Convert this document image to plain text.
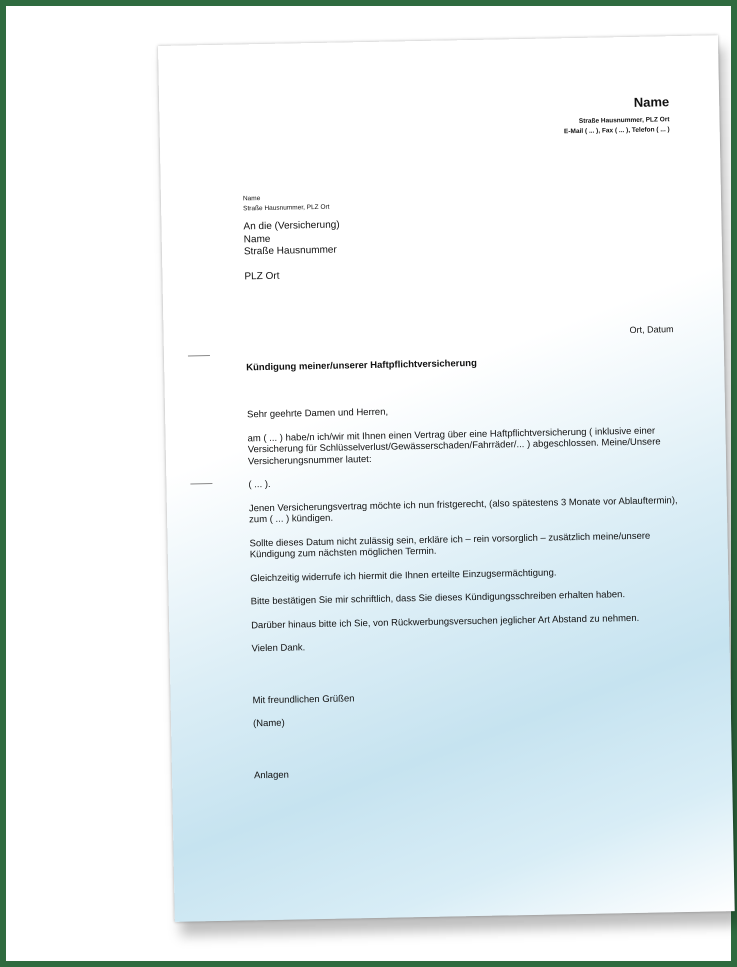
Name
Straße Hausnummer, PLZ Ort
E-Mail ( ... ), Fax ( ... ), Telefon ( ... )
Name
Straße Hausnummer, PLZ Ort
An die (Versicherung)
Name
Straße Hausnummer
PLZ Ort
Ort, Datum
Kündigung meiner/unserer Haftpflichtversicherung

Sehr geehrte Damen und Herren,

am ( ... ) habe/n ich/wir mit Ihnen einen Vertrag über eine Haftpflichtversicherung ( inklusive einer Versicherung für Schlüsselverlust/Gewässerschaden/Fahrräder/... ) abgeschlossen. Meine/Unsere Versicherungsnummer lautet:

( ... ).

Jenen Versicherungsvertrag möchte ich nun fristgerecht, (also spätestens 3 Monate vor Ablauftermin), zum ( ... ) kündigen.

Sollte dieses Datum nicht zulässig sein, erkläre ich – rein vorsorglich – zusätzlich meine/unsere Kündigung zum nächsten möglichen Termin.

Gleichzeitig widerrufe ich hiermit die Ihnen erteilte Einzugsermächtigung.

Bitte bestätigen Sie mir schriftlich, dass Sie dieses Kündigungsschreiben erhalten haben.

Darüber hinaus bitte ich Sie, von Rückwerbungsversuchen jeglicher Art Abstand zu nehmen.

Vielen Dank.

Mit freundlichen Grüßen

(Name)

Anlagen
